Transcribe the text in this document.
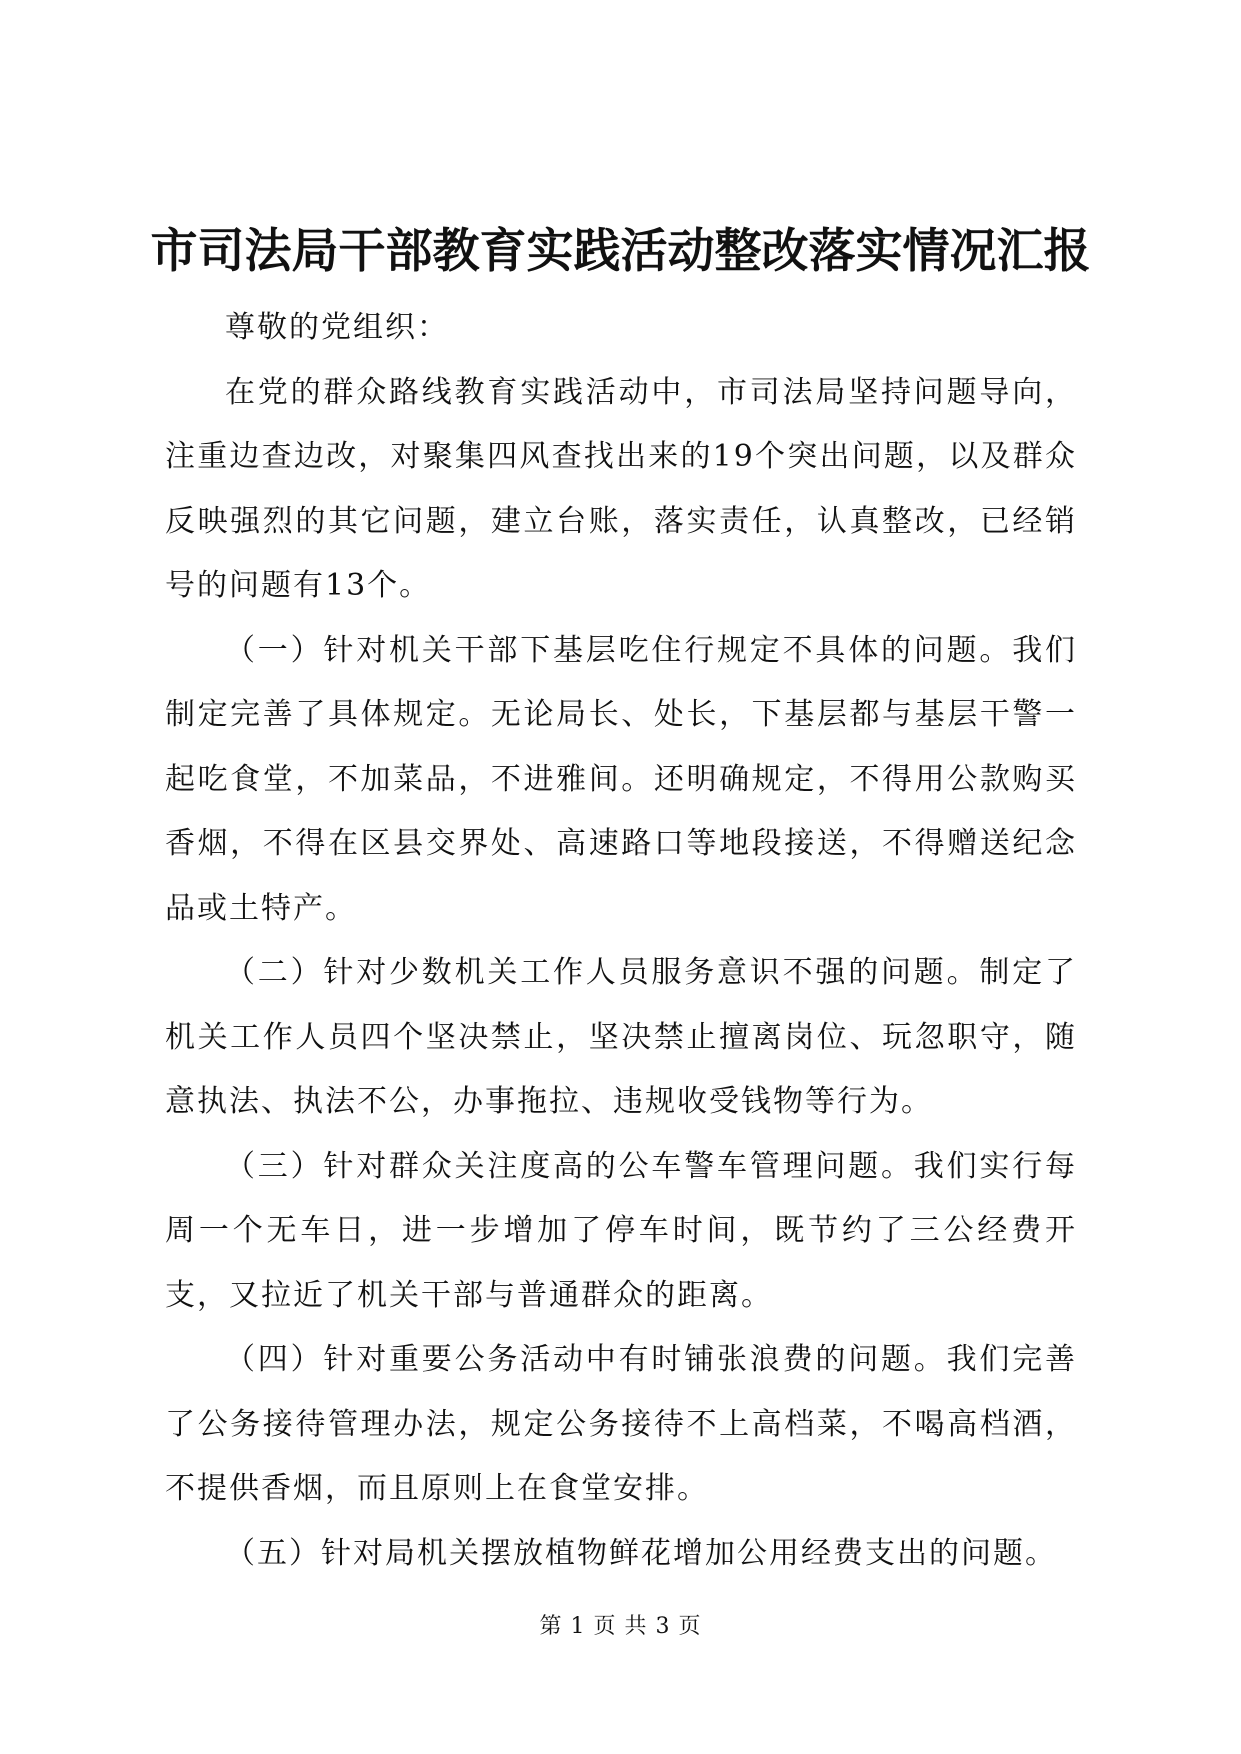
市司法局干部教育实践活动整改落实情况汇报

尊敬的党组织：

在党的群众路线教育实践活动中，市司法局坚持问题导向，注重边查边改，对聚集四风查找出来的19个突出问题，以及群众反映强烈的其它问题，建立台账，落实责任，认真整改，已经销号的问题有13个。

（一）针对机关干部下基层吃住行规定不具体的问题。我们制定完善了具体规定。无论局长、处长，下基层都与基层干警一起吃食堂，不加菜品，不进雅间。还明确规定，不得用公款购买香烟，不得在区县交界处、高速路口等地段接送，不得赠送纪念品或土特产。

（二）针对少数机关工作人员服务意识不强的问题。制定了机关工作人员四个坚决禁止，坚决禁止擅离岗位、玩忽职守，随意执法、执法不公，办事拖拉、违规收受钱物等行为。

（三）针对群众关注度高的公车警车管理问题。我们实行每周一个无车日，进一步增加了停车时间，既节约了三公经费开支，又拉近了机关干部与普通群众的距离。

（四）针对重要公务活动中有时铺张浪费的问题。我们完善了公务接待管理办法，规定公务接待不上高档菜，不喝高档酒，不提供香烟，而且原则上在食堂安排。

（五）针对局机关摆放植物鲜花增加公用经费支出的问题。

第 1 页 共 3 页
